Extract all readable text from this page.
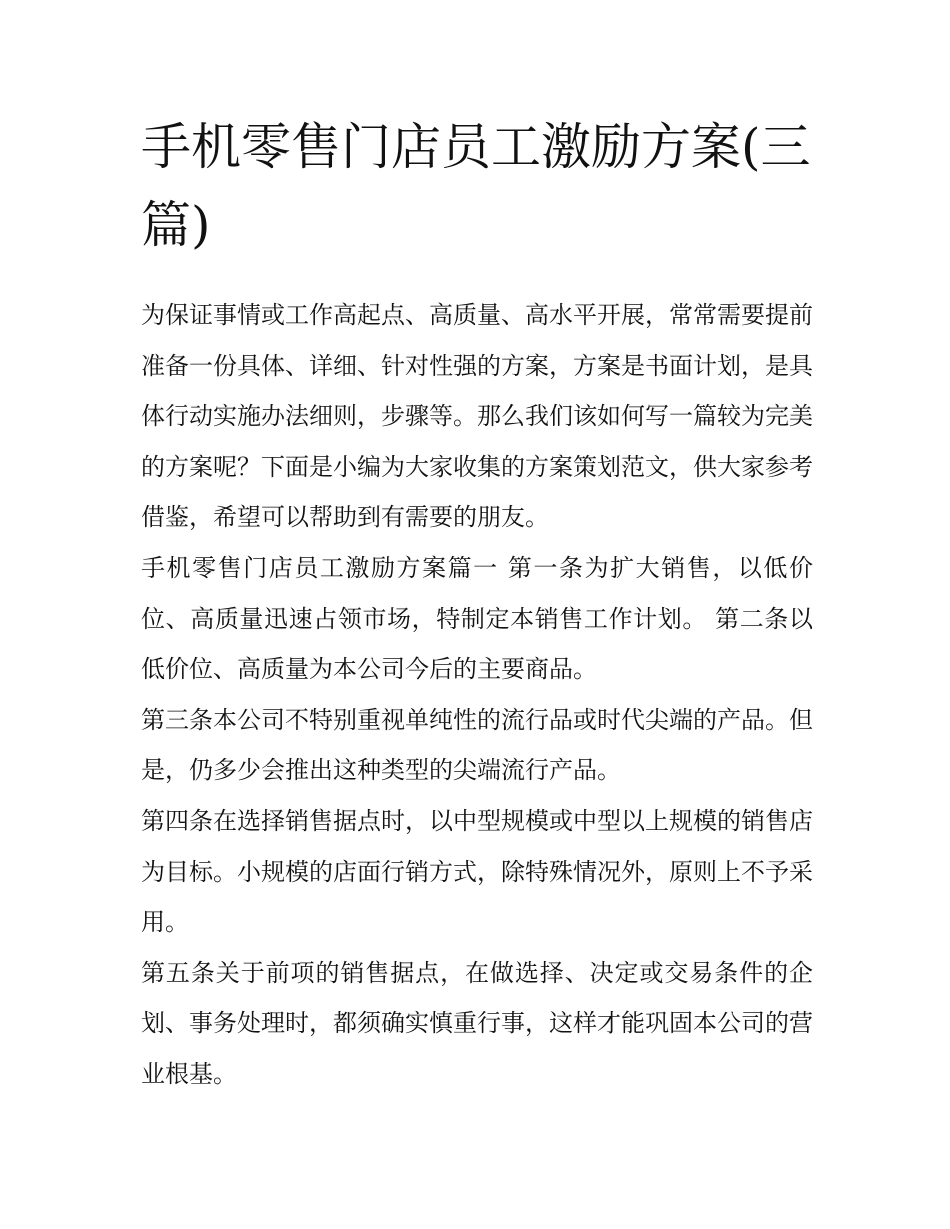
手机零售门店员工激励方案(三篇)

为保证事情或工作高起点、高质量、高水平开展，常常需要提前准备一份具体、详细、针对性强的方案，方案是书面计划，是具体行动实施办法细则，步骤等。那么我们该如何写一篇较为完美的方案呢？下面是小编为大家收集的方案策划范文，供大家参考借鉴，希望可以帮助到有需要的朋友。

手机零售门店员工激励方案篇一 第一条为扩大销售，以低价位、高质量迅速占领市场，特制定本销售工作计划。 第二条以低价位、高质量为本公司今后的主要商品。

第三条本公司不特别重视单纯性的流行品或时代尖端的产品。但是，仍多少会推出这种类型的尖端流行产品。

第四条在选择销售据点时，以中型规模或中型以上规模的销售店为目标。小规模的店面行销方式，除特殊情况外，原则上不予采用。

第五条关于前项的销售据点，在做选择、决定或交易条件的企划、事务处理时，都须确实慎重行事，这样才能巩固本公司的营业根基。
